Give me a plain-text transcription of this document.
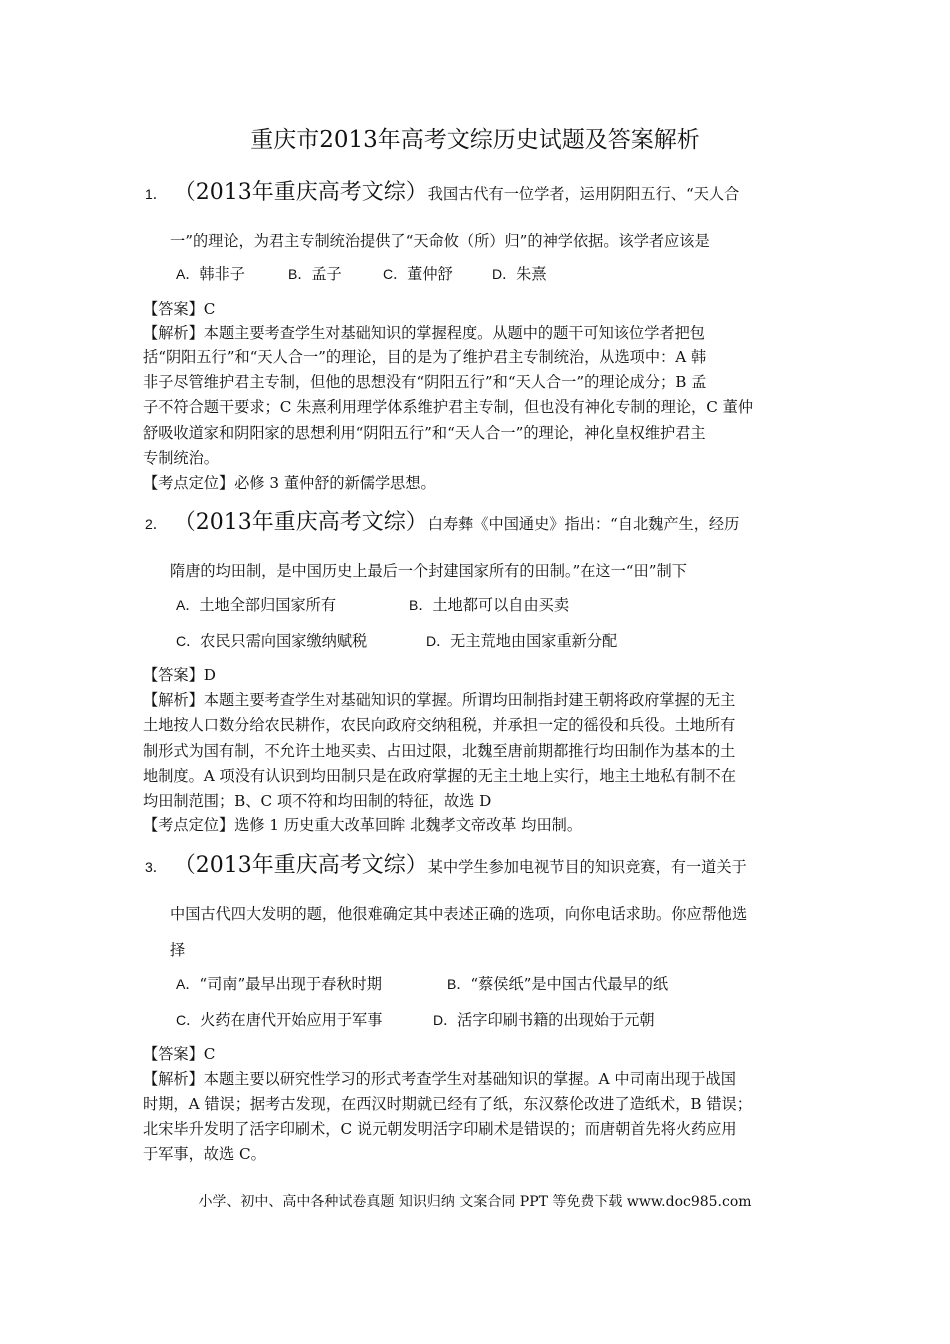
重庆市2013年高考文综历史试题及答案解析
1． （2013年重庆高考文综）我国古代有一位学者，运用阴阳五行、“天人合
一”的理论，为君主专制统治提供了“天命攸（所）归”的神学依据。该学者应该是
A．韩非子	B．孟子	C．董仲舒	D．朱熹
【答案】C
【解析】本题主要考查学生对基础知识的掌握程度。从题中的题干可知该位学者把包
括“阴阳五行”和“天人合一”的理论，目的是为了维护君主专制统治，从选项中：A 韩
非子尽管维护君主专制，但他的思想没有“阴阳五行”和“天人合一”的理论成分；B 孟
子不符合题干要求；C 朱熹利用理学体系维护君主专制，但也没有神化专制的理论，C 董仲
舒吸收道家和阴阳家的思想利用“阴阳五行”和“天人合一”的理论，神化皇权维护君主
专制统治。
【考点定位】必修 3 董仲舒的新儒学思想。
2． （2013年重庆高考文综）白寿彝《中国通史》指出：“自北魏产生，经历
隋唐的均田制，是中国历史上最后一个封建国家所有的田制。”在这一“田”制下
A．土地全部归国家所有	B．土地都可以自由买卖
C．农民只需向国家缴纳赋税	D．无主荒地由国家重新分配
【答案】D
【解析】本题主要考查学生对基础知识的掌握。所谓均田制指封建王朝将政府掌握的无主
土地按人口数分给农民耕作，农民向政府交纳租税，并承担一定的徭役和兵役。土地所有
制形式为国有制，不允许土地买卖、占田过限，北魏至唐前期都推行均田制作为基本的土
地制度。A 项没有认识到均田制只是在政府掌握的无主土地上实行，地主土地私有制不在
均田制范围；B、C 项不符和均田制的特征，故选 D
【考点定位】选修 1 历史重大改革回眸 北魏孝文帝改革 均田制。
3． （2013年重庆高考文综）某中学生参加电视节目的知识竞赛，有一道关于
中国古代四大发明的题，他很难确定其中表述正确的选项，向你电话求助。你应帮他选
择
A．“司南”最早出现于春秋时期	B．“蔡侯纸”是中国古代最早的纸
C．火药在唐代开始应用于军事	D．活字印刷书籍的出现始于元朝
【答案】C
【解析】本题主要以研究性学习的形式考查学生对基础知识的掌握。A 中司南出现于战国
时期，A 错误；据考古发现，在西汉时期就已经有了纸，东汉蔡伦改进了造纸术，B 错误；
北宋毕升发明了活字印刷术，C 说元朝发明活字印刷术是错误的；而唐朝首先将火药应用
于军事，故选 C。
小学、初中、高中各种试卷真题 知识归纳 文案合同 PPT 等免费下载 www.doc985.com
